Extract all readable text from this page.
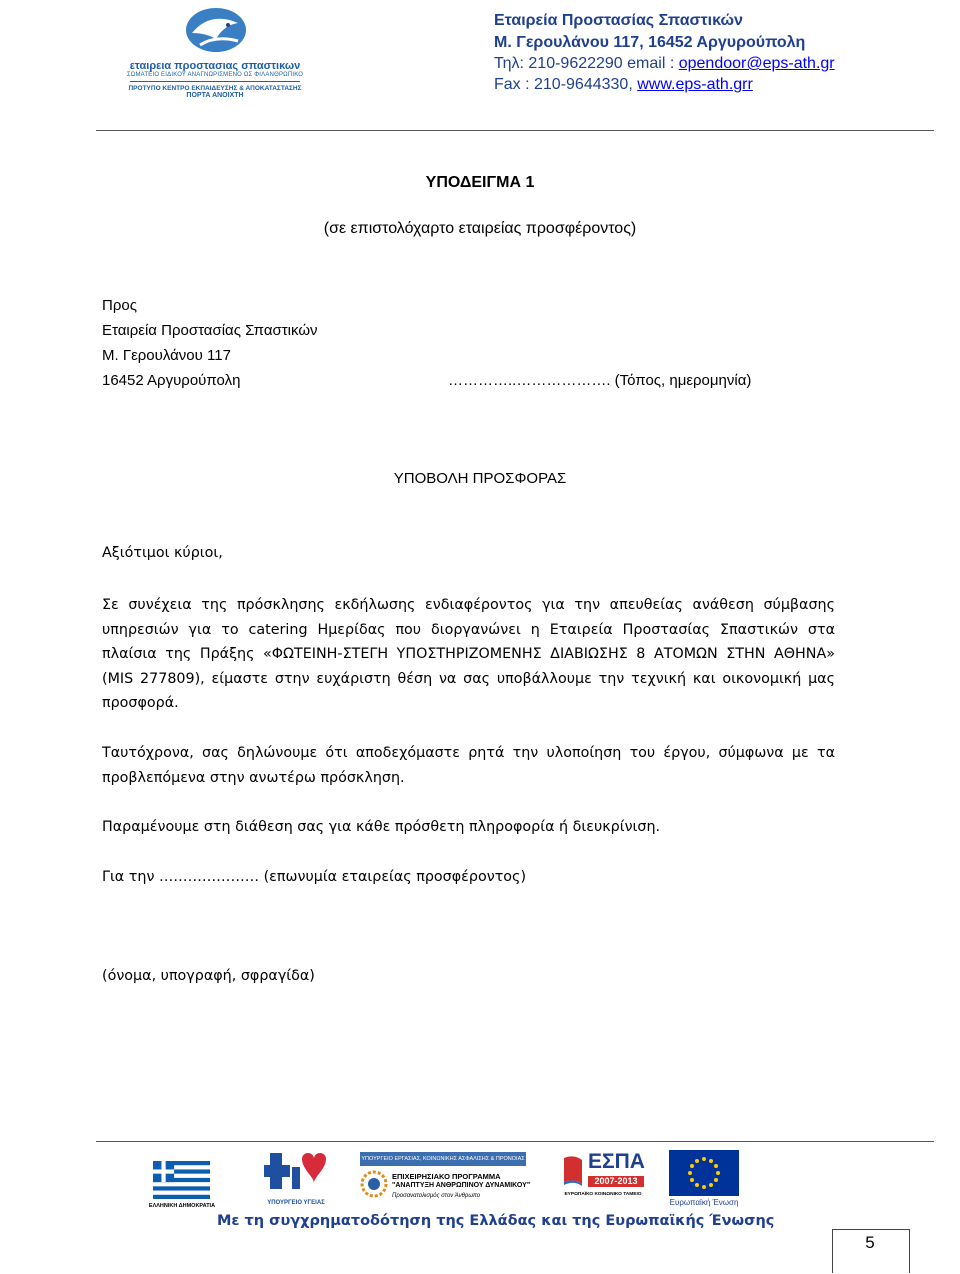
εταιρεια προστασιας σπαστικων
ΣΩΜΑΤΕΙΟ ΕΙΔΙΚΟΥ ΑΝΑΓΝΩΡΙΣΜΕΝΟ ΩΣ ΦΙΛΑΝΘΡΩΠΙΚΟ
ΠΡΟΤΥΠΟ ΚΕΝΤΡΟ ΕΚΠΑΙΔΕΥΣΗΣ & ΑΠΟΚΑΤΑΣΤΑΣΗΣ
ΠΟΡΤΑ ΑΝΟΙΧΤΗ
Εταιρεία Προστασίας Σπαστικών
Μ. Γερουλάνου 117, 16452 Αργυρούπολη
Τηλ: 210-9622290 email : opendoor@eps-ath.gr
Fax : 210-9644330, www.eps-ath.grr
ΥΠΟΔΕΙΓΜΑ 1
(σε επιστολόχαρτο εταιρείας προσφέροντος)
Προς
Εταιρεία Προστασίας Σπαστικών
Μ. Γερουλάνου 117
16452 Αργυρούπολη	…………..………………. (Τόπος, ημερομηνία)
ΥΠΟΒΟΛΗ ΠΡΟΣΦΟΡΑΣ
Αξιότιμοι κύριοι,
Σε συνέχεια της πρόσκλησης εκδήλωσης ενδιαφέροντος για την απευθείας ανάθεση σύμβασης
υπηρεσιών για το catering Ημερίδας που διοργανώνει η Εταιρεία Προστασίας Σπαστικών στα
πλαίσια της Πράξης «ΦΩΤΕΙΝΗ-ΣΤΕΓΗ ΥΠΟΣΤΗΡΙΖΟΜΕΝΗΣ ΔΙΑΒΙΩΣΗΣ 8 ΑΤΟΜΩΝ ΣΤΗΝ ΑΘΗΝΑ»
(MIS 277809), είμαστε στην ευχάριστη θέση να σας υποβάλλουμε την τεχνική και οικονομική μας
προσφορά.
Ταυτόχρονα, σας δηλώνουμε ότι αποδεχόμαστε ρητά την υλοποίηση του έργου, σύμφωνα με τα
προβλεπόμενα στην ανωτέρω πρόσκληση.
Παραμένουμε στη διάθεση σας για κάθε πρόσθετη πληροφορία ή διευκρίνιση.
Για την ………………… (επωνυμία εταιρείας προσφέροντος)
(όνομα, υπογραφή, σφραγίδα)
ΕΛΛΗΝΙΚΗ ΔΗΜΟΚΡΑΤΙΑ	ΥΠΟΥΡΓΕΙΟ ΥΓΕΙΑΣ
ΥΠΟΥΡΓΕΙΟ ΕΡΓΑΣΙΑΣ, ΚΟΙΝΩΝΙΚΗΣ ΑΣΦΑΛΙΣΗΣ & ΠΡΟΝΟΙΑΣ
ΕΠΙΧΕΙΡΗΣΙΑΚΟ ΠΡΟΓΡΑΜΜΑ
"ΑΝΑΠΤΥΞΗ ΑΝΘΡΩΠΙΝΟΥ ΔΥΝΑΜΙΚΟΥ"
Προσανατολισμός στον Άνθρωπο
ΕΣΠΑ
2007-2013
ΕΥΡΩΠΑΪΚΟ ΚΟΙΝΩΝΙΚΟ ΤΑΜΕΙΟ
Ευρωπαϊκή Ένωση
Με τη συγχρηματοδότηση της Ελλάδας και της Ευρωπαϊκής Ένωσης
5
